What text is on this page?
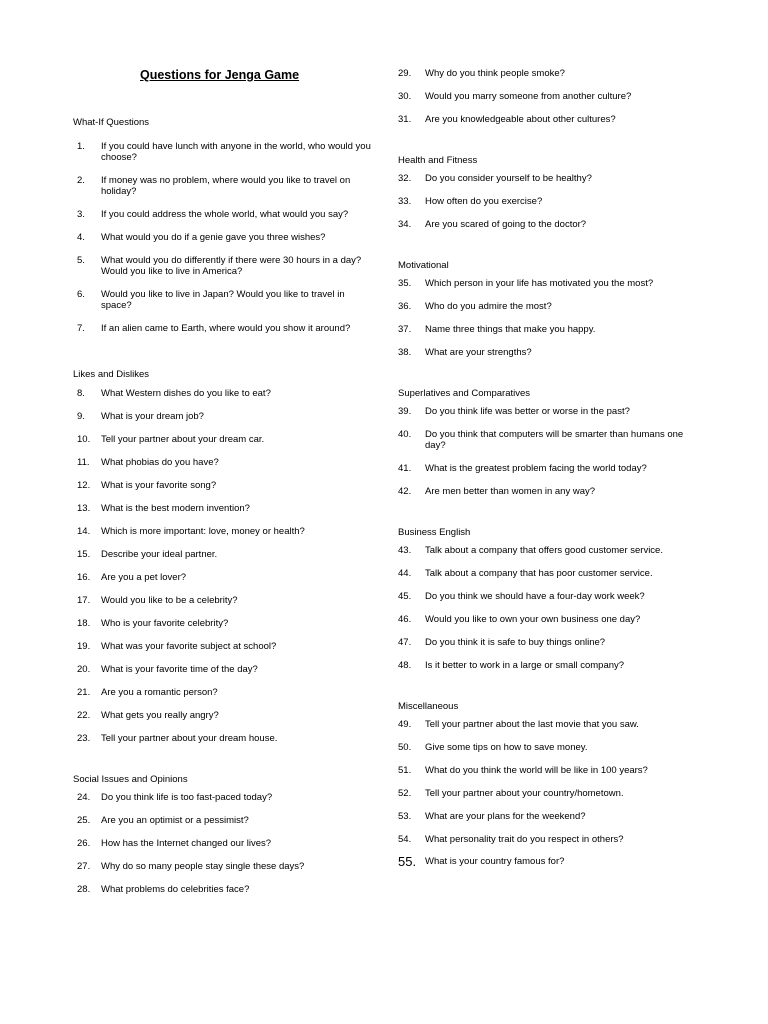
Questions for Jenga Game
What-If Questions
1.	If you could have lunch with anyone in the world, who would you choose?
2.	If money was no problem, where would you like to travel on holiday?
3.	If you could address the whole world, what would you say?
4.	What would you do if a genie gave you three wishes?
5.	What would you do differently if there were 30 hours in a day? Would you like to live in America?
6.	Would you like to live in Japan? Would you like to travel in space?
7.	If an alien came to Earth, where would you show it around?
Likes and Dislikes
8.	What Western dishes do you like to eat?
9.	What is your dream job?
10.	Tell your partner about your dream car.
11.	What phobias do you have?
12.	What is your favorite song?
13.	What is the best modern invention?
14.	Which is more important: love, money or health?
15.	Describe your ideal partner.
16.	Are you a pet lover?
17.	Would you like to be a celebrity?
18.	Who is your favorite celebrity?
19.	What was your favorite subject at school?
20.	What is your favorite time of the day?
21.	Are you a romantic person?
22.	What gets you really angry?
23.	Tell your partner about your dream house.
Social Issues and Opinions
24.	Do you think life is too fast-paced today?
25.	Are you an optimist or a pessimist?
26.	How has the Internet changed our lives?
27.	Why do so many people stay single these days?
28.	What problems do celebrities face?
29.	Why do you think people smoke?
30.	Would you marry someone from another culture?
31.	Are you knowledgeable about other cultures?
Health and Fitness
32.	Do you consider yourself to be healthy?
33.	How often do you exercise?
34.	Are you scared of going to the doctor?
Motivational
35.	Which person in your life has motivated you the most?
36.	Who do you admire the most?
37.	Name three things that make you happy.
38.	What are your strengths?
Superlatives and Comparatives
39.	Do you think life was better or worse in the past?
40.	Do you think that computers will be smarter than humans one day?
41.	What is the greatest problem facing the world today?
42.	Are men better than women in any way?
Business English
43.	Talk about a company that offers good customer service.
44.	Talk about a company that has poor customer service.
45.	Do you think we should have a four-day work week?
46.	Would you like to own your own business one day?
47.	Do you think it is safe to buy things online?
48.	Is it better to work in a large or small company?
Miscellaneous
49.	Tell your partner about the last movie that you saw.
50.	Give some tips on how to save money.
51.	What do you think the world will be like in 100 years?
52.	Tell your partner about your country/hometown.
53.	What are your plans for the weekend?
54.	What personality trait do you respect in others?
55. What is your country famous for?
